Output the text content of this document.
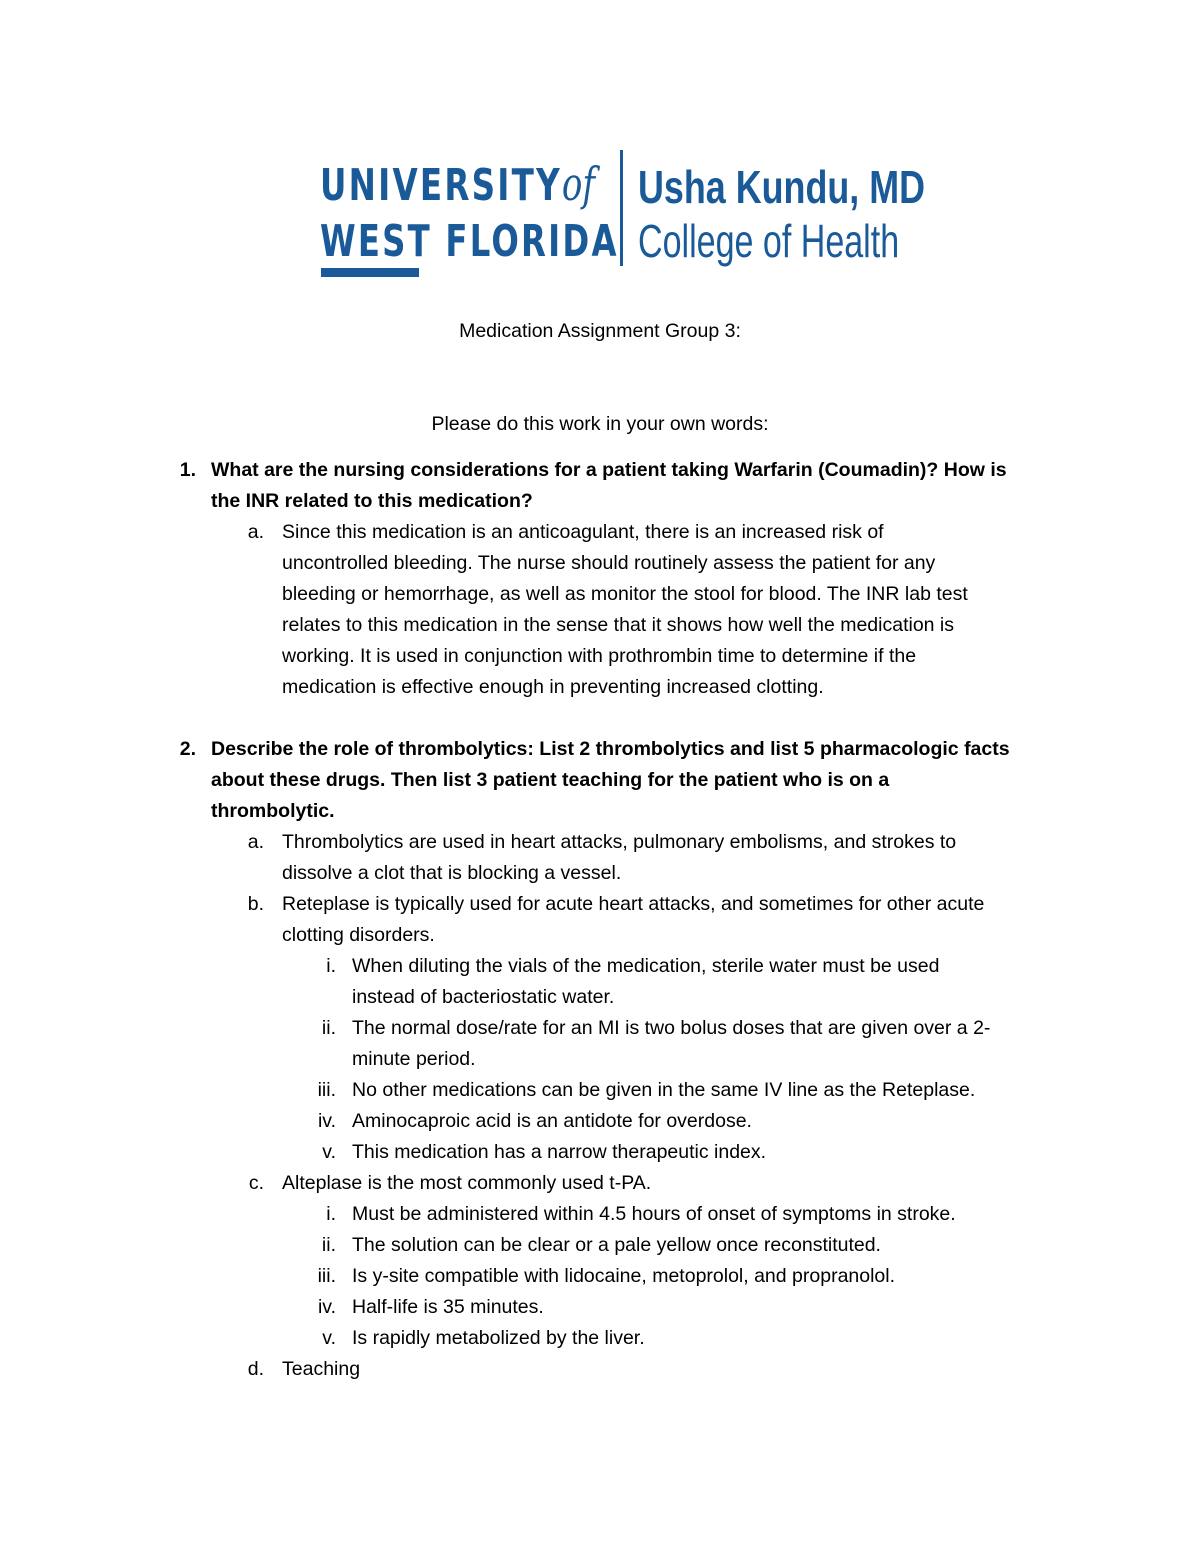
UNIVERSITYof
WEST FLORIDA
Usha Kundu, MD
College of Health
Medication Assignment Group 3:
Please do this work in your own words:
1. What are the nursing considerations for a patient taking Warfarin (Coumadin)? How is
the INR related to this medication?
a. Since this medication is an anticoagulant, there is an increased risk of
uncontrolled bleeding. The nurse should routinely assess the patient for any
bleeding or hemorrhage, as well as monitor the stool for blood. The INR lab test
relates to this medication in the sense that it shows how well the medication is
working. It is used in conjunction with prothrombin time to determine if the
medication is effective enough in preventing increased clotting.
2. Describe the role of thrombolytics: List 2 thrombolytics and list 5 pharmacologic facts
about these drugs. Then list 3 patient teaching for the patient who is on a
thrombolytic.
a. Thrombolytics are used in heart attacks, pulmonary embolisms, and strokes to
dissolve a clot that is blocking a vessel.
b. Reteplase is typically used for acute heart attacks, and sometimes for other acute
clotting disorders.
i. When diluting the vials of the medication, sterile water must be used
instead of bacteriostatic water.
ii. The normal dose/rate for an MI is two bolus doses that are given over a 2-
minute period.
iii. No other medications can be given in the same IV line as the Reteplase.
iv. Aminocaproic acid is an antidote for overdose.
v. This medication has a narrow therapeutic index.
c. Alteplase is the most commonly used t-PA.
i. Must be administered within 4.5 hours of onset of symptoms in stroke.
ii. The solution can be clear or a pale yellow once reconstituted.
iii. Is y-site compatible with lidocaine, metoprolol, and propranolol.
iv. Half-life is 35 minutes.
v. Is rapidly metabolized by the liver.
d. Teaching
